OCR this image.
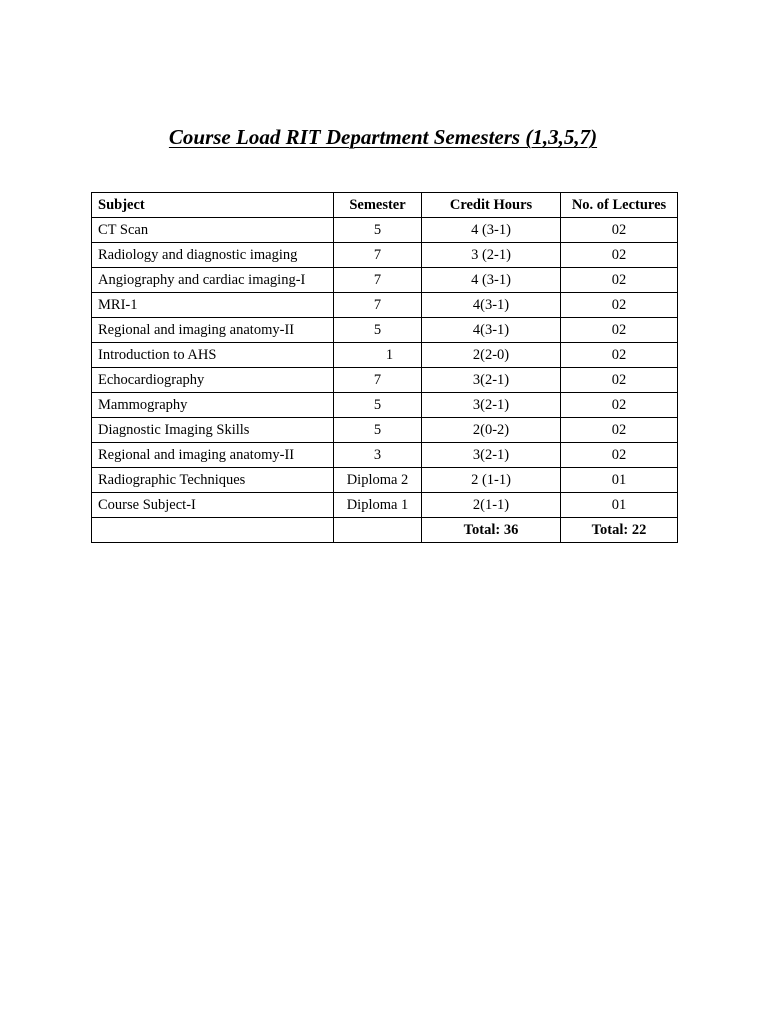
Course Load RIT Department Semesters (1,3,5,7)
Subject	Semester	Credit Hours	No. of Lectures
CT Scan	5	4 (3-1)	02
Radiology and diagnostic imaging	7	3 (2-1)	02
Angiography and cardiac imaging-I	7	4 (3-1)	02
MRI-1	7	4(3-1)	02
Regional and imaging anatomy-II	5	4(3-1)	02
Introduction to AHS	1	2(2-0)	02
Echocardiography	7	3(2-1)	02
Mammography	5	3(2-1)	02
Diagnostic Imaging Skills	5	2(0-2)	02
Regional and imaging anatomy-II	3	3(2-1)	02
Radiographic Techniques	Diploma 2	2 (1-1)	01
Course Subject-I	Diploma 1	2(1-1)	01
		Total: 36	Total: 22
